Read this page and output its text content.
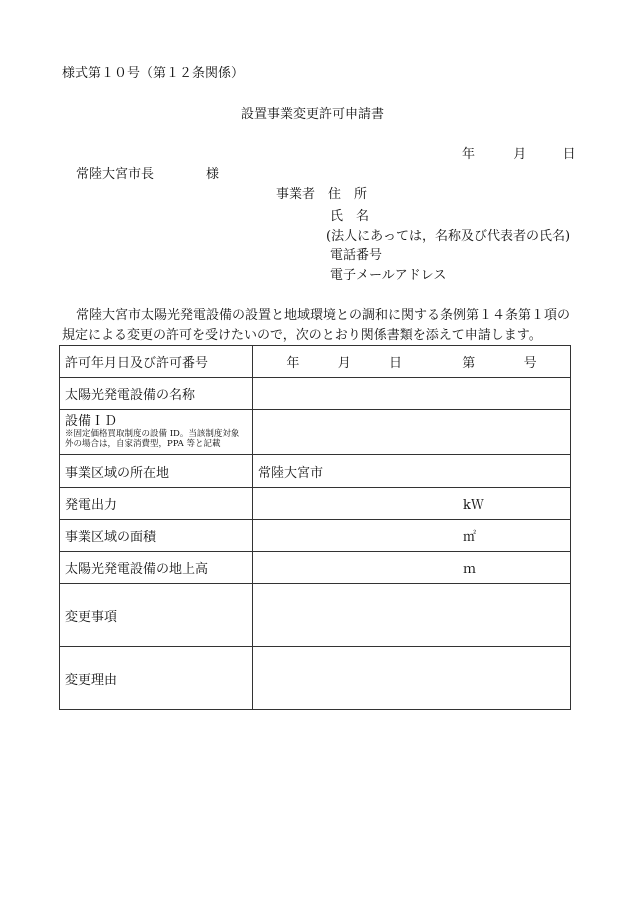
様式第１０号（第１２条関係）
設置事業変更許可申請書
年	月	日
常陸大宮市長	様
事業者 住　所
氏　名
(法人にあっては，名称及び代表者の氏名)
電話番号
電子メールアドレス
常陸大宮市太陽光発電設備の設置と地域環境との調和に関する条例第１４条第１項の規定による変更の許可を受けたいので，次のとおり関係書類を添えて申請します。
許可年月日及び許可番号	年 月 日 第 号
太陽光発電設備の名称	

設備ＩＤ
※固定価格買取制度の設備 ID。当該制度対象外の場合は，自家消費型，PPA 等と記載	

事業区域の所在地	常陸大宮市
発電出力	kＷ
事業区域の面積	㎡
太陽光発電設備の地上高	ｍ
変更事項	
変更理由	
